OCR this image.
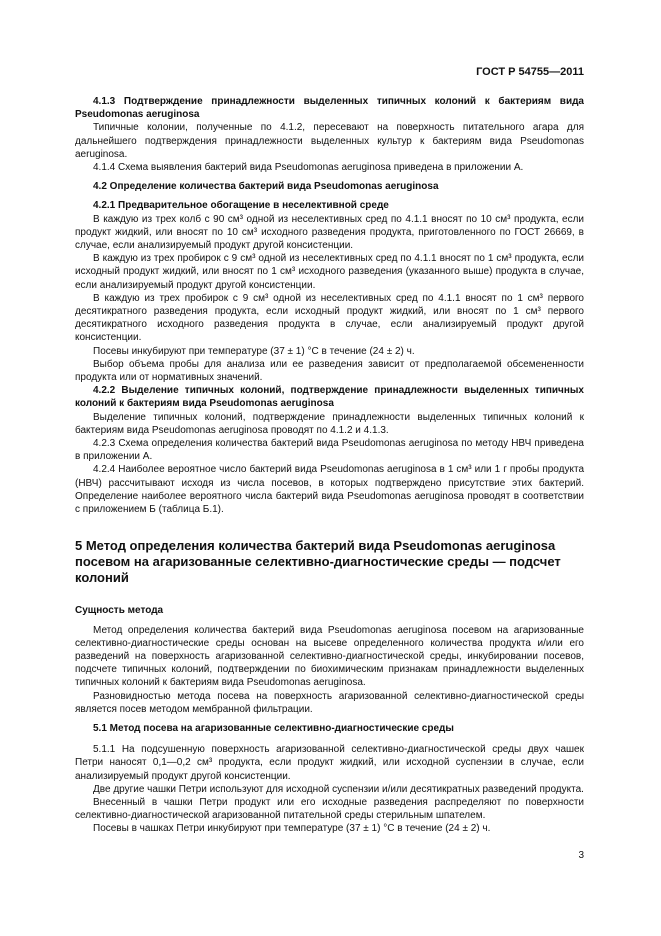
ГОСТ Р 54755—2011

4.1.3 Подтверждение принадлежности выделенных типичных колоний к бактериям вида Pseudomonas aeruginosa

Типичные колонии, полученные по 4.1.2, пересевают на поверхность питательного агара для дальнейшего подтверждения принадлежности выделенных культур к бактериям вида Pseudomonas aeruginosa.

4.1.4 Схема выявления бактерий вида Pseudomonas aeruginosa приведена в приложении А.

4.2 Определение количества бактерий вида Pseudomonas aeruginosa

4.2.1 Предварительное обогащение в неселективной среде

В каждую из трех колб с 90 см³ одной из неселективных сред по 4.1.1 вносят по 10 см³ продукта, если продукт жидкий, или вносят по 10 см³ исходного разведения продукта, приготовленного по ГОСТ 26669, в случае, если анализируемый продукт другой консистенции.

В каждую из трех пробирок с 9 см³ одной из неселективных сред по 4.1.1 вносят по 1 см³ продукта, если исходный продукт жидкий, или вносят по 1 см³ исходного разведения (указанного выше) продукта в случае, если анализируемый продукт другой консистенции.

В каждую из трех пробирок с 9 см³ одной из неселективных сред по 4.1.1 вносят по 1 см³ первого десятикратного разведения продукта, если исходный продукт жидкий, или вносят по 1 см³ первого десятикратного исходного разведения продукта в случае, если анализируемый продукт другой консистенции.

Посевы инкубируют при температуре (37 ± 1) °С в течение (24 ± 2) ч.

Выбор объема пробы для анализа или ее разведения зависит от предполагаемой обсемененности продукта или от нормативных значений.

4.2.2 Выделение типичных колоний, подтверждение принадлежности выделенных типичных колоний к бактериям вида Pseudomonas aeruginosa

Выделение типичных колоний, подтверждение принадлежности выделенных типичных колоний к бактериям вида Pseudomonas aeruginosa проводят по 4.1.2 и 4.1.3.

4.2.3 Схема определения количества бактерий вида Pseudomonas aeruginosa по методу НВЧ приведена в приложении А.

4.2.4 Наиболее вероятное число бактерий вида Pseudomonas aeruginosa в 1 см³ или 1 г пробы продукта (НВЧ) рассчитывают исходя из числа посевов, в которых подтверждено присутствие этих бактерий. Определение наиболее вероятного числа бактерий вида Pseudomonas aeruginosa проводят в соответствии с приложением Б (таблица Б.1).

5 Метод определения количества бактерий вида Pseudomonas aeruginosa посевом на агаризованные селективно-диагностические среды — подсчет колоний

Сущность метода

Метод определения количества бактерий вида Pseudomonas aeruginosa посевом на агаризованные селективно-диагностические среды основан на высеве определенного количества продукта и/или его разведений на поверхность агаризованной селективно-диагностической среды, инкубировании посевов, подсчете типичных колоний, подтверждении по биохимическим признакам принадлежности выделенных типичных колоний к бактериям вида Pseudomonas aeruginosa.

Разновидностью метода посева на поверхность агаризованной селективно-диагностической среды является посев методом мембранной фильтрации.

5.1 Метод посева на агаризованные селективно-диагностические среды

5.1.1 На подсушенную поверхность агаризованной селективно-диагностической среды двух чашек Петри наносят 0,1—0,2 см³ продукта, если продукт жидкий, или исходной суспензии в случае, если анализируемый продукт другой консистенции.

Две другие чашки Петри используют для исходной суспензии и/или десятикратных разведений продукта.

Внесенный в чашки Петри продукт или его исходные разведения распределяют по поверхности селективно-диагностической агаризованной питательной среды стерильным шпателем.

Посевы в чашках Петри инкубируют при температуре (37 ± 1) °С в течение (24 ± 2) ч.

3
